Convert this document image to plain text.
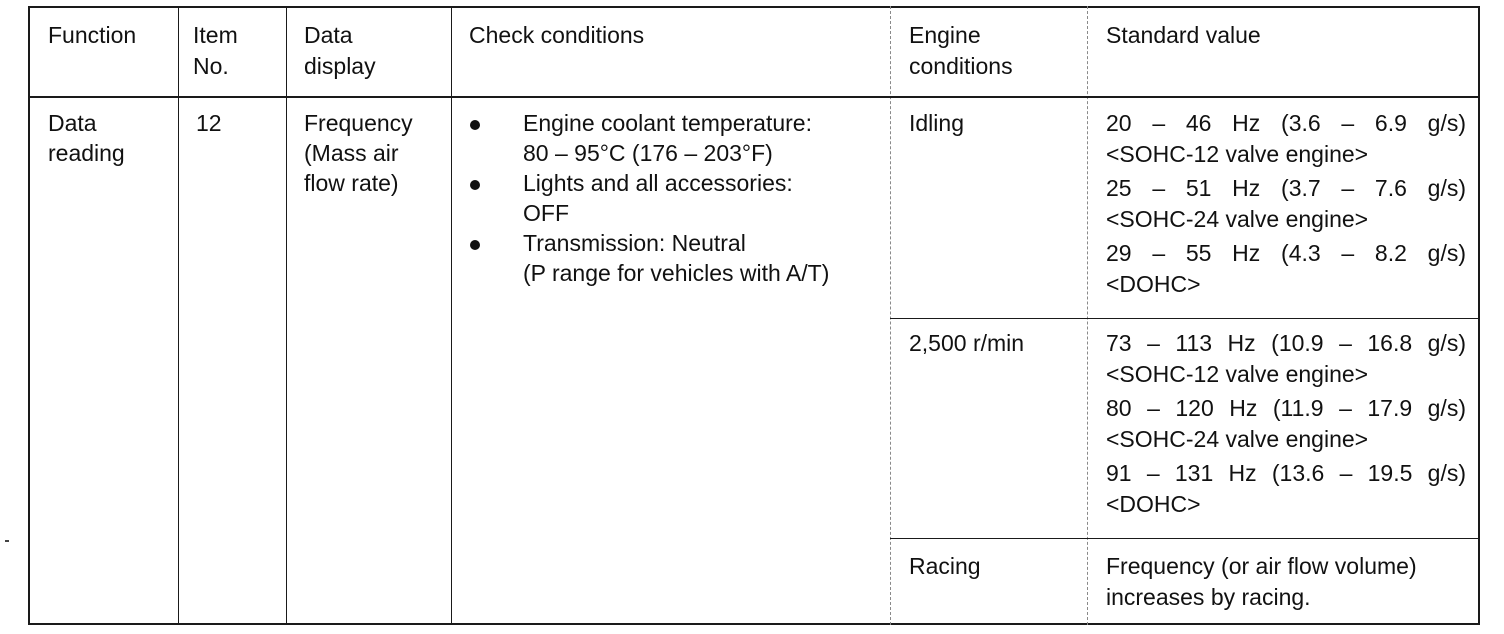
Function Item
No.
Data
display
Check conditions	Engine
conditions
Standard value
Data
reading
12	Frequency
(Mass air
flow rate)
Engine coolant temperature:
80 – 95°C (176 – 203°F)
Lights and all accessories:
OFF
Transmission: Neutral
(P range for vehicles with A/T)
Idling
2,500 r/min
Racing
20 – 46 Hz (3.6 – 6.9 g/s)
<SOHC-12 valve engine>
25 – 51 Hz (3.7 – 7.6 g/s)
<SOHC-24 valve engine>
29 – 55 Hz (4.3 – 8.2 g/s)
<DOHC>
73 – 113 Hz (10.9 – 16.8 g/s)
<SOHC-12 valve engine>
80 – 120 Hz (11.9 – 17.9 g/s)
<SOHC-24 valve engine>
91 – 131 Hz (13.6 – 19.5 g/s)
<DOHC>
Frequency (or air flow volume)
increases by racing.
